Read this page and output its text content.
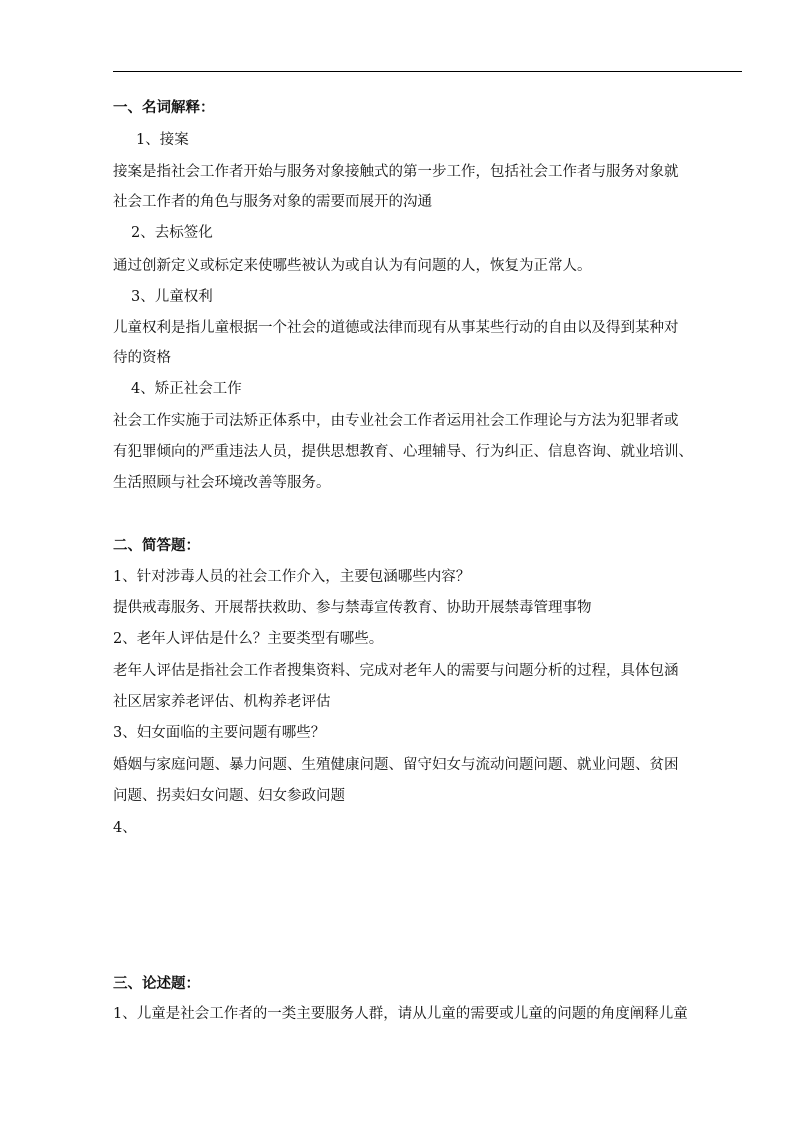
一、名词解释：
1、接案
接案是指社会工作者开始与服务对象接触式的第一步工作，包括社会工作者与服务对象就
社会工作者的角色与服务对象的需要而展开的沟通
2、去标签化
通过创新定义或标定来使哪些被认为或自认为有问题的人，恢复为正常人。
3、儿童权利
儿童权利是指儿童根据一个社会的道德或法律而现有从事某些行动的自由以及得到某种对
待的资格
4、矫正社会工作
社会工作实施于司法矫正体系中，由专业社会工作者运用社会工作理论与方法为犯罪者或
有犯罪倾向的严重违法人员，提供思想教育、心理辅导、行为纠正、信息咨询、就业培训、
生活照顾与社会环境改善等服务。
二、简答题：
1、针对涉毒人员的社会工作介入，主要包涵哪些内容？
提供戒毒服务、开展帮扶救助、参与禁毒宣传教育、协助开展禁毒管理事物
2、老年人评估是什么？主要类型有哪些。
老年人评估是指社会工作者搜集资料、完成对老年人的需要与问题分析的过程，具体包涵
社区居家养老评估、机构养老评估
3、妇女面临的主要问题有哪些？
婚姻与家庭问题、暴力问题、生殖健康问题、留守妇女与流动问题问题、就业问题、贫困
问题、拐卖妇女问题、妇女参政问题
4、
三、论述题：
1、儿童是社会工作者的一类主要服务人群，请从儿童的需要或儿童的问题的角度阐释儿童
